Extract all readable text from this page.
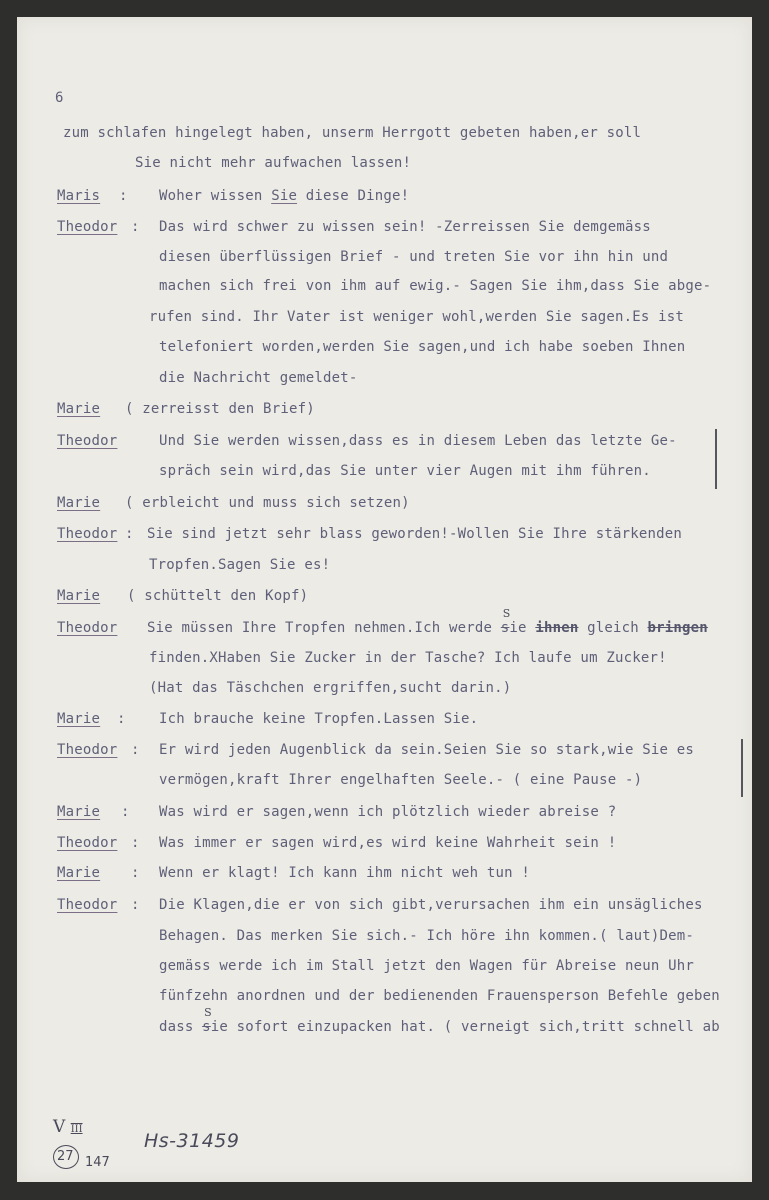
6
zum schlafen hingelegt haben, unserm Herrgott gebeten haben,er soll
Sie nicht mehr aufwachen lassen!
Maris : Woher wissen Sie diese Dinge!
Theodor : Das wird schwer zu wissen sein! -Zerreissen Sie demgemäss
diesen überflüssigen Brief - und treten Sie vor ihn hin und
machen sich frei von ihm auf ewig.- Sagen Sie ihm,dass Sie abge-
rufen sind. Ihr Vater ist weniger wohl,werden Sie sagen.Es ist
telefoniert worden,werden Sie sagen,und ich habe soeben Ihnen
die Nachricht gemeldet-
Marie ( zerreisst den Brief)
Theodor	Und Sie werden wissen,dass es in diesem Leben das letzte Ge-
spräch sein wird,das Sie unter vier Augen mit ihm führen.
Marie ( erbleicht und muss sich setzen)
Theodor : Sie sind jetzt sehr blass geworden!-Wollen Sie Ihre stärkenden
Tropfen.Sagen Sie es!
Marie ( schüttelt den Kopf)
Theodor Sie müssen Ihre Tropfen nehmen.Ich werde
S
sie ihnen gleich bringen
finden.XHaben Sie Zucker in der Tasche? Ich laufe um Zucker!
(Hat das Täschchen ergriffen,sucht darin.)
Marie : Ich brauche keine Tropfen.Lassen Sie.
Theodor : Er wird jeden Augenblick da sein.Seien Sie so stark,wie Sie es
vermögen,kraft Ihrer engelhaften Seele.- ( eine Pause -)
Marie : Was wird er sagen,wenn ich plötzlich wieder abreise ?
Theodor : Was immer er sagen wird,es wird keine Wahrheit sein !
Marie : Wenn er klagt! Ich kann ihm nicht weh tun !
Theodor : Die Klagen,die er von sich gibt,verursachen ihm ein unsägliches
Behagen. Das merken Sie sich.- Ich höre ihn kommen.( laut)Dem-
gemäss werde ich im Stall jetzt den Wagen für Abreise neun Uhr
fünfzehn anordnen und der bedienenden Frauensperson Befehle geben
dass
S
sie sofort einzupacken hat. ( verneigt sich,tritt schnell ab
V III
27 147
Hs-31459
